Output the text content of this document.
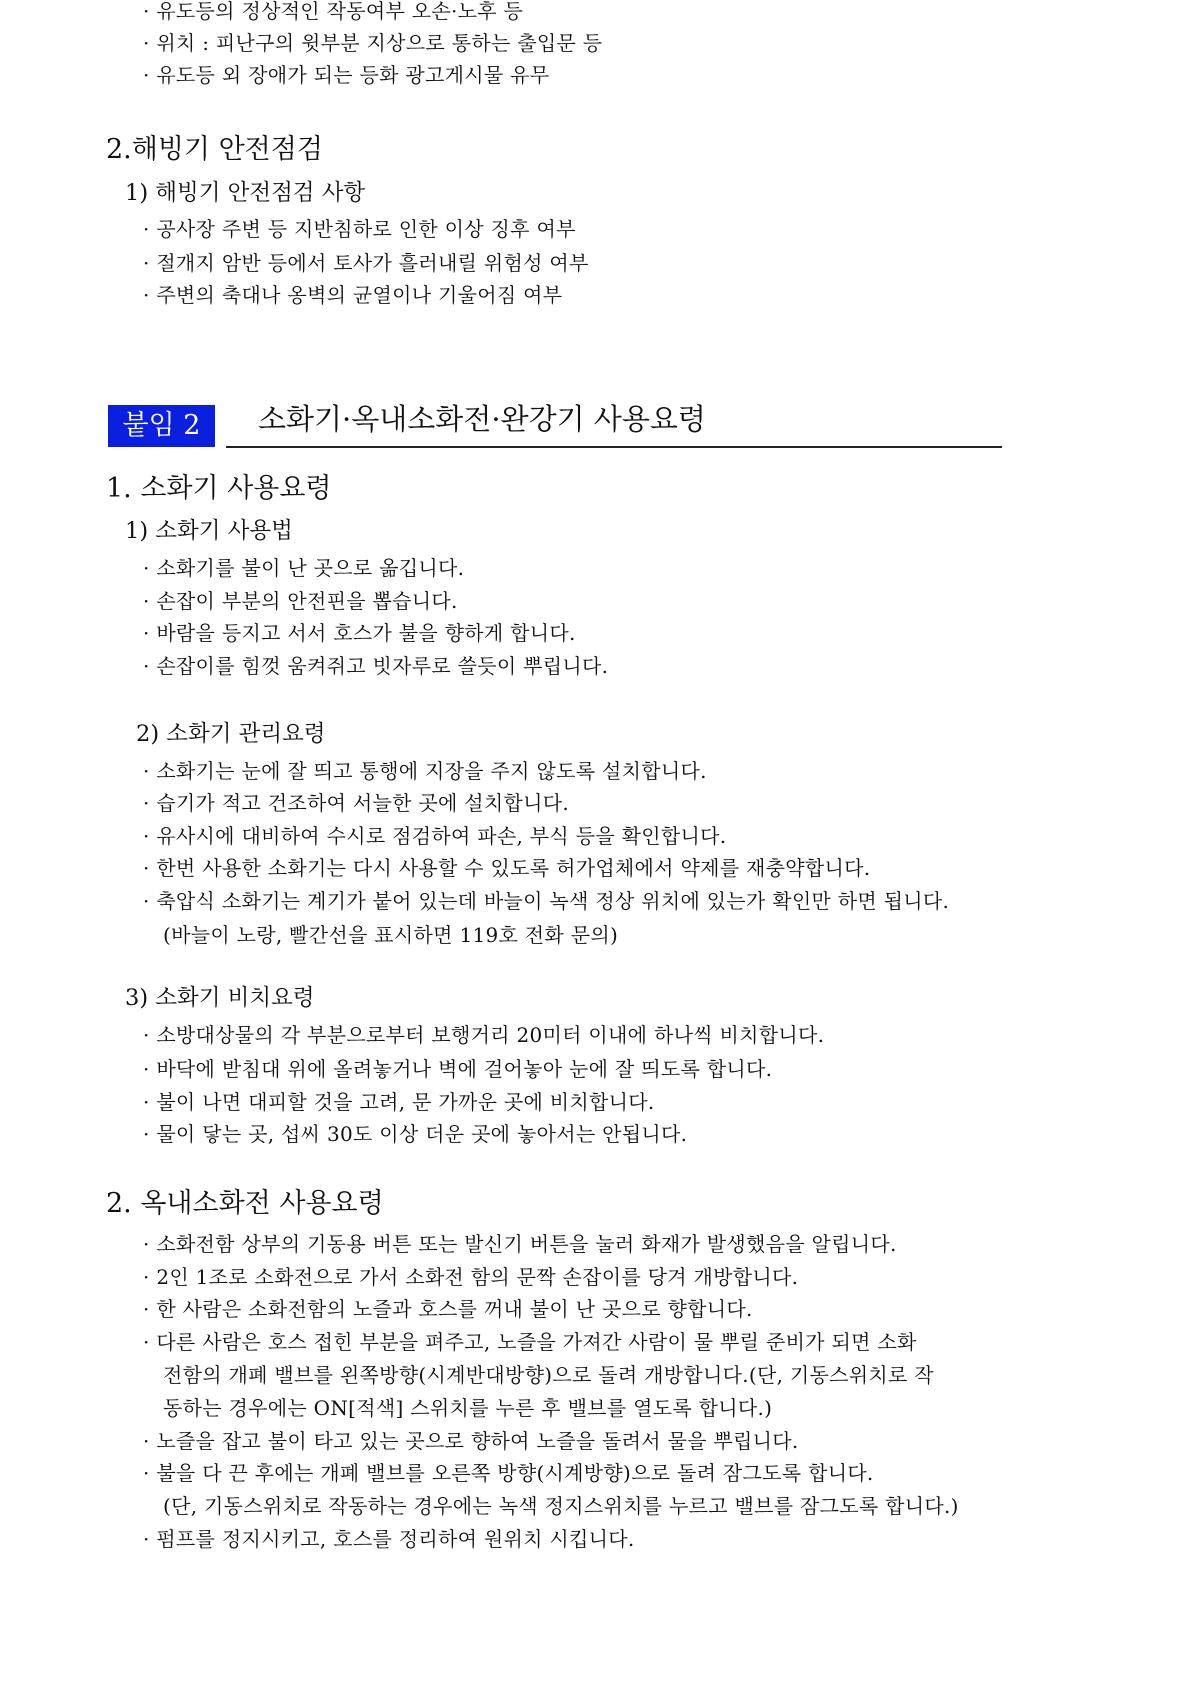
· 유도등의 정상적인 작동여부 오손·노후 등
· 위치 : 피난구의 윗부분 지상으로 통하는 출입문 등
· 유도등 외 장애가 되는 등화 광고게시물 유무
2.해빙기 안전점검
1) 해빙기 안전점검 사항
· 공사장 주변 등 지반침하로 인한 이상 징후 여부
· 절개지 암반 등에서 토사가 흘러내릴 위험성 여부
· 주변의 축대나 옹벽의 균열이나 기울어짐 여부
붙임 2	소화기·옥내소화전·완강기 사용요령
1. 소화기 사용요령
1) 소화기 사용법
· 소화기를 불이 난 곳으로 옮깁니다.
· 손잡이 부분의 안전핀을 뽑습니다.
· 바람을 등지고 서서 호스가 불을 향하게 합니다.
· 손잡이를 힘껏 움켜쥐고 빗자루로 쓸듯이 뿌립니다.
2) 소화기 관리요령
· 소화기는 눈에 잘 띄고 통행에 지장을 주지 않도록 설치합니다.
· 습기가 적고 건조하여 서늘한 곳에 설치합니다.
· 유사시에 대비하여 수시로 점검하여 파손, 부식 등을 확인합니다.
· 한번 사용한 소화기는 다시 사용할 수 있도록 허가업체에서 약제를 재충약합니다.
· 축압식 소화기는 계기가 붙어 있는데 바늘이 녹색 정상 위치에 있는가 확인만 하면 됩니다.
(바늘이 노랑, 빨간선을 표시하면 119호 전화 문의)
3) 소화기 비치요령
· 소방대상물의 각 부분으로부터 보행거리 20미터 이내에 하나씩 비치합니다.
· 바닥에 받침대 위에 올려놓거나 벽에 걸어놓아 눈에 잘 띄도록 합니다.
· 불이 나면 대피할 것을 고려, 문 가까운 곳에 비치합니다.
· 물이 닿는 곳, 섭씨 30도 이상 더운 곳에 놓아서는 안됩니다.
2. 옥내소화전 사용요령
· 소화전함 상부의 기동용 버튼 또는 발신기 버튼을 눌러 화재가 발생했음을 알립니다.
· 2인 1조로 소화전으로 가서 소화전 함의 문짝 손잡이를 당겨 개방합니다.
· 한 사람은 소화전함의 노즐과 호스를 꺼내 불이 난 곳으로 향합니다.
· 다른 사람은 호스 접힌 부분을 펴주고, 노즐을 가져간 사람이 물 뿌릴 준비가 되면 소화
전함의 개폐 밸브를 왼쪽방향(시계반대방향)으로 돌려 개방합니다.(단, 기동스위치로 작
동하는 경우에는 ON[적색] 스위치를 누른 후 밸브를 열도록 합니다.)
· 노즐을 잡고 불이 타고 있는 곳으로 향하여 노즐을 돌려서 물을 뿌립니다.
· 불을 다 끈 후에는 개폐 밸브를 오른쪽 방향(시계방향)으로 돌려 잠그도록 합니다.
(단, 기동스위치로 작동하는 경우에는 녹색 정지스위치를 누르고 밸브를 잠그도록 합니다.)
· 펌프를 정지시키고, 호스를 정리하여 원위치 시킵니다.
